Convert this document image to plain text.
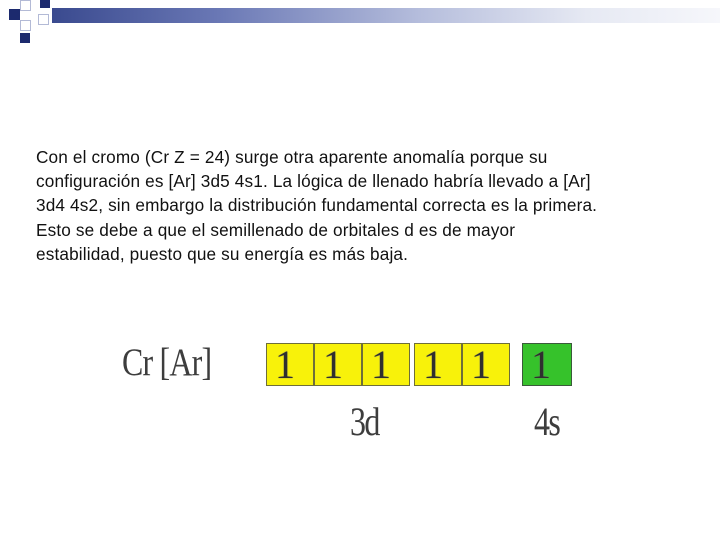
Con el cromo (Cr Z = 24) surge otra aparente anomalía porque su

configuración es [Ar] 3d5 4s1. La lógica de llenado habría llevado a [Ar]

3d4 4s2, sin embargo la distribución fundamental correcta es la primera.

Esto se debe a que el semillenado de orbitales d es de mayor

estabilidad, puesto que su energía es más baja.

Cr [Ar] 1 1 1 1 1	1
3d	4s
